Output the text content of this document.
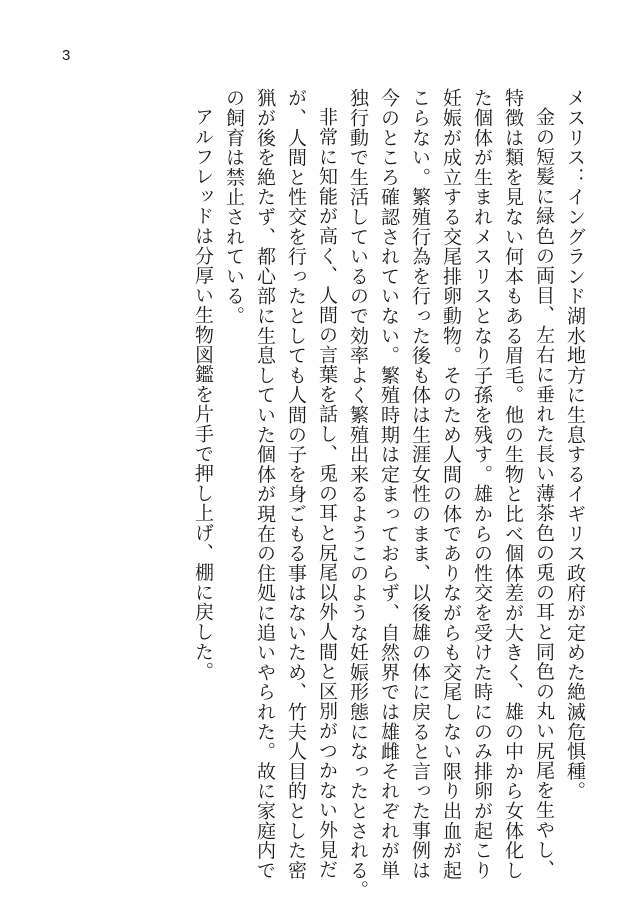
3

メスリス：イングランド湖水地方に生息するイギリス政府が定めた絶滅危惧種。

金の短髪に緑色の両目、左右に垂れた長い薄茶色の兎の耳と同色の丸い尻尾を生やし、

特徴は類を見ない何本もある眉毛。他の生物と比べ個体差が大きく、雄の中から女体化し

た個体が生まれメスリスとなり子孫を残す。雄からの性交を受けた時にのみ排卵が起こり

妊娠が成立する交尾排卵動物。そのため人間の体でありながらも交尾しない限り出血が起

こらない。繁殖行為を行った後も体は生涯女性のまま、以後雄の体に戻ると言った事例は

今のところ確認されていない。繁殖時期は定まっておらず、自然界では雄雌それぞれが単

独行動で生活しているので効率よく繁殖出来るようこのような妊娠形態になったとされる。

非常に知能が高く、人間の言葉を話し、兎の耳と尻尾以外人間と区別がつかない外見だ

が、人間と性交を行ったとしても人間の子を身ごもる事はないため、竹夫人目的とした密

猟が後を絶たず、都心部に生息していた個体が現在の住処に追いやられた。故に家庭内で

の飼育は禁止されている。

アルフレッドは分厚い生物図鑑を片手で押し上げ、棚に戻した。
